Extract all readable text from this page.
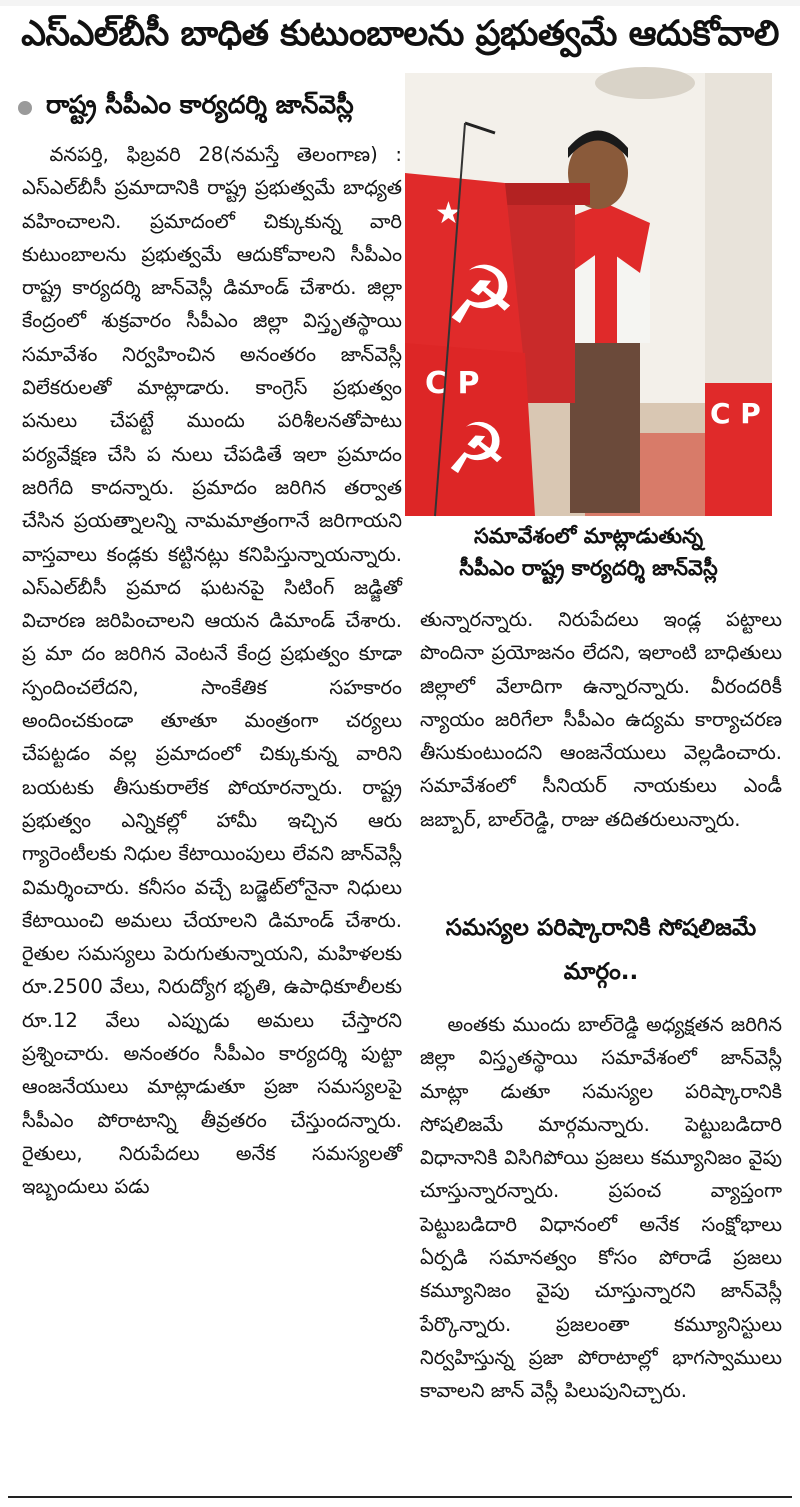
ఎస్ఎల్‌బీసీ బాధిత కుటుంబాలను ప్రభుత్వమే ఆదుకోవాలి
రాష్ట్ర సీపీఎం కార్యదర్శి జాన్‌వెస్లీ

వనపర్తి, ఫిబ్రవరి 28(నమస్తే తెలంగాణ) : ఎస్ఎల్‌బీసీ ప్రమాదానికి రాష్ట్ర ప్రభుత్వమే బాధ్యత వహించాలని. ప్రమాదంలో చిక్కుకున్న వారి కుటుంబాలను ప్రభుత్వమే ఆదుకోవాలని సీపీఎం రాష్ట్ర కార్యదర్శి జాన్‌వెస్లీ డిమాండ్ చేశారు. జిల్లా కేంద్రంలో శుక్రవారం సీపీఎం జిల్లా విస్తృతస్థాయి సమావేశం నిర్వహించిన అనంతరం జాన్‌వెస్లీ విలేకరులతో మాట్లాడారు. కాంగ్రెస్ ప్రభుత్వం పనులు చేపట్టే ముందు పరిశీలనతోపాటు పర్యవేక్షణ చేసి ప నులు చేపడితే ఇలా ప్రమాదం జరిగేది కాదన్నారు. ప్రమాదం జరిగిన తర్వాత చేసిన ప్రయత్నాలన్ని నామమాత్రంగానే జరిగాయని వాస్తవాలు కండ్లకు కట్టినట్లు కనిపిస్తున్నాయన్నారు. ఎస్ఎల్‌బీసీ ప్రమాద ఘటనపై సిటింగ్ జడ్జితో విచారణ జరిపించాలని ఆయన డిమాండ్ చేశారు. ప్ర మా దం జరిగిన వెంటనే కేంద్ర ప్రభుత్వం కూడా స్పందించలేదని, సాంకేతిక సహకారం అందించకుండా తూతూ మంత్రంగా చర్యలు చేపట్టడం వల్ల ప్రమాదంలో చిక్కుకున్న వారిని బయటకు తీసుకురాలేక పోయారన్నారు. రాష్ట్ర ప్రభుత్వం ఎన్నికల్లో హామీ ఇచ్చిన ఆరు గ్యారెంటీలకు నిధుల కేటాయింపులు లేవని జాన్‌వెస్లీ విమర్శించారు. కనీసం వచ్చే బడ్జెట్‌లోనైనా నిధులు కేటాయించి అమలు చేయాలని డిమాండ్ చేశారు. రైతుల సమస్యలు పెరుగుతున్నాయని, మహిళలకు రూ.2500 వేలు, నిరుద్యోగ భృతి, ఉపాధికూలీలకు రూ.12 వేలు ఎప్పుడు అమలు చేస్తారని ప్రశ్నించారు. అనంతరం సీపీఎం కార్యదర్శి పుట్టా ఆంజనేయులు మాట్లాడుతూ ప్రజా సమస్యలపై సీపీఎం పోరాటాన్ని తీవ్రతరం చేస్తుందన్నారు. రైతులు, నిరుపేదలు అనేక సమస్యలతో ఇబ్బందులు పడు

★
☭
C P
☭	C P I
సమావేశంలో మాట్లాడుతున్న
సీపీఎం రాష్ట్ర కార్యదర్శి జాన్‌వెస్లీ

తున్నారన్నారు. నిరుపేదలు ఇండ్ల పట్టాలు పొందినా ప్రయోజనం లేదని, ఇలాంటి బాధితులు జిల్లాలో వేలాదిగా ఉన్నారన్నారు. వీరందరికీ న్యాయం జరిగేలా సీపీఎం ఉద్యమ కార్యాచరణ తీసుకుంటుందని ఆంజనేయులు వెల్లడించారు. సమావేశంలో సీనియర్ నాయకులు ఎండీ జబ్బార్, బాల్‌రెడ్డి, రాజు తదితరులున్నారు.

సమస్యల పరిష్కారానికి సోషలిజమే మార్గం..

అంతకు ముందు బాల్‌రెడ్డి అధ్యక్షతన జరిగిన జిల్లా విస్తృతస్థాయి సమావేశంలో జాన్‌వెస్లీ మాట్లా డుతూ సమస్యల పరిష్కారానికి సోషలిజమే మార్గమన్నారు. పెట్టుబడిదారి విధానానికి విసిగిపోయి ప్రజలు కమ్యూనిజం వైపు చూస్తున్నారన్నారు. ప్రపంచ వ్యాప్తంగా పెట్టుబడిదారి విధానంలో అనేక సంక్షోభాలు ఏర్పడి సమానత్వం కోసం పోరాడే ప్రజలు కమ్యూనిజం వైపు చూస్తున్నారని జాన్‌వెస్లీ పేర్కొన్నారు. ప్రజలంతా కమ్యూనిస్టులు నిర్వహిస్తున్న ప్రజా పోరాటాల్లో భాగస్వాములు కావాలని జాన్ వెస్లీ పిలుపునిచ్చారు.
